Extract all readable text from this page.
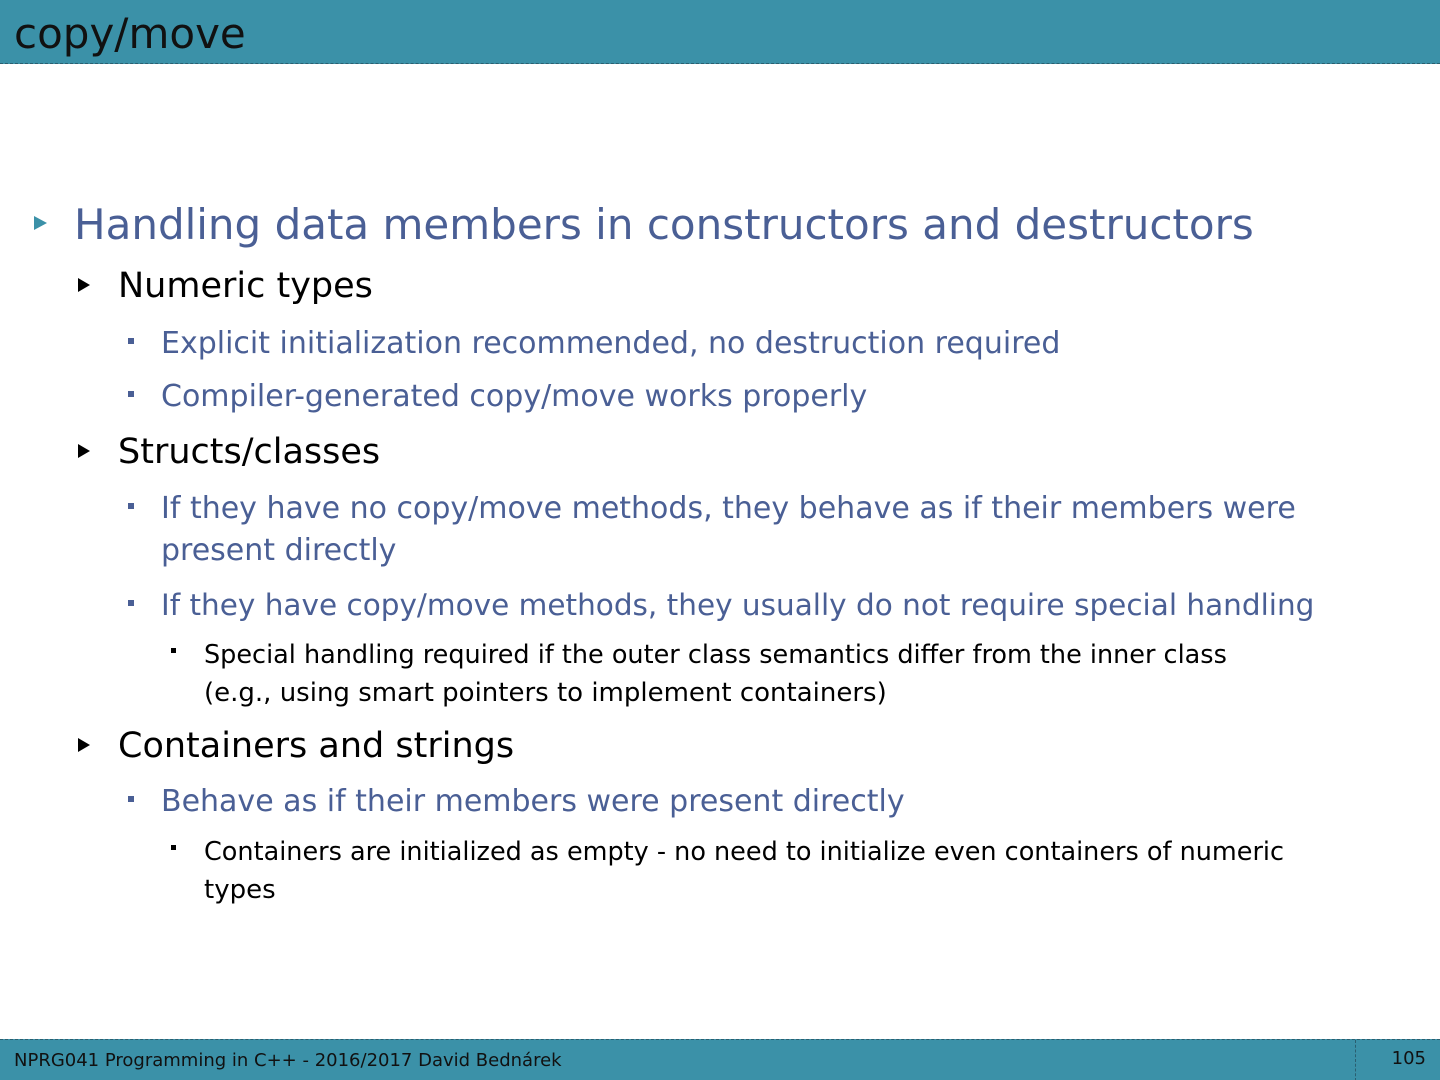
copy/move
Handling data members in constructors and destructors
Numeric types
Explicit initialization recommended, no destruction required
Compiler-generated copy/move works properly
Structs/classes
If they have no copy/move methods, they behave as if their members were
present directly
If they have copy/move methods, they usually do not require special handling
Special handling required if the outer class semantics differ from the inner class
(e.g., using smart pointers to implement containers)
Containers and strings
Behave as if their members were present directly
Containers are initialized as empty - no need to initialize even containers of numeric
types
NPRG041 Programming in C++ - 2016/2017 David Bednárek	105
